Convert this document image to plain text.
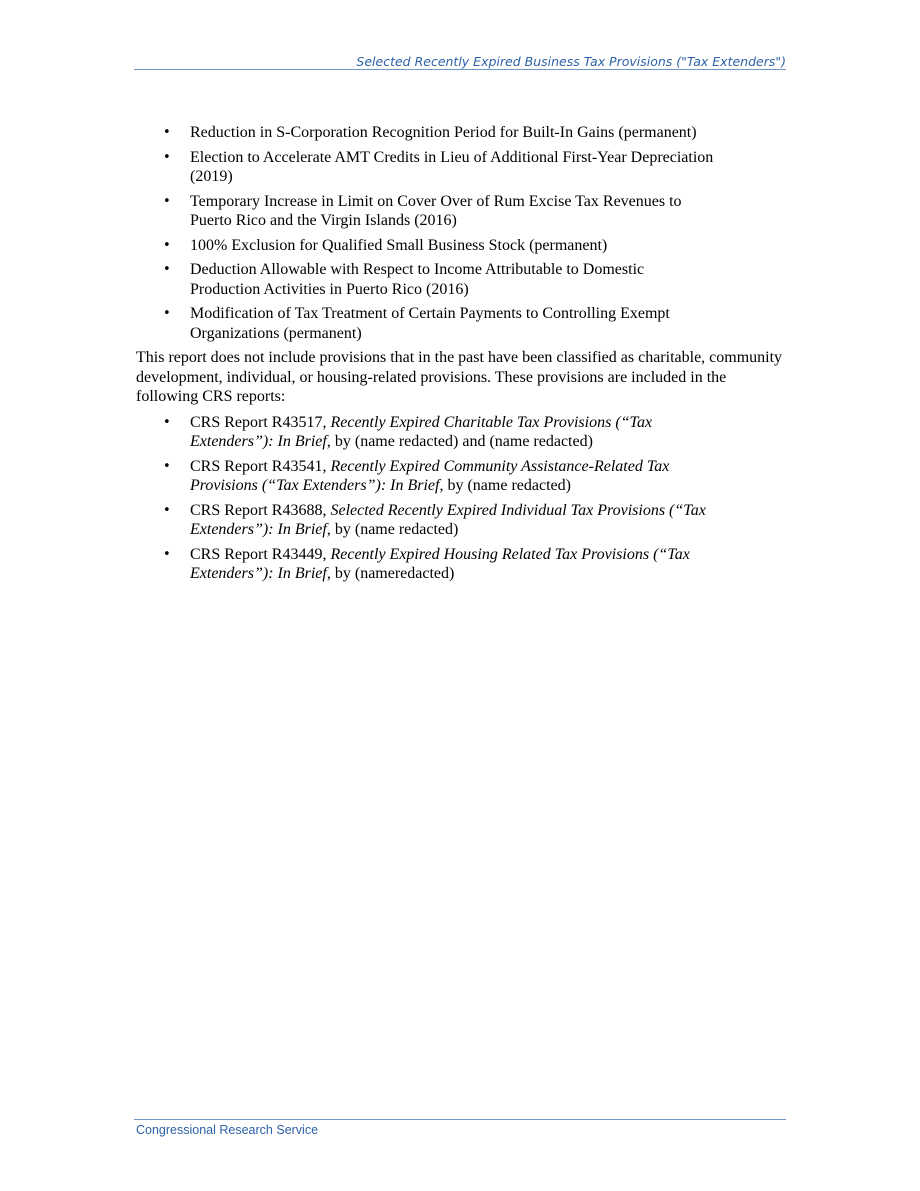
Selected Recently Expired Business Tax Provisions ("Tax Extenders")
• Reduction in S-Corporation Recognition Period for Built-In Gains (permanent)
• Election to Accelerate AMT Credits in Lieu of Additional First-Year Depreciation (2019)
• Temporary Increase in Limit on Cover Over of Rum Excise Tax Revenues to Puerto Rico and the Virgin Islands (2016)
• 100% Exclusion for Qualified Small Business Stock (permanent)
• Deduction Allowable with Respect to Income Attributable to Domestic Production Activities in Puerto Rico (2016)
• Modification of Tax Treatment of Certain Payments to Controlling Exempt Organizations (permanent)

This report does not include provisions that in the past have been classified as charitable, community development, individual, or housing-related provisions. These provisions are included in the following CRS reports:

• CRS Report R43517, Recently Expired Charitable Tax Provisions (“Tax Extenders”): In Brief, by (name redacted) and (name redacted)
• CRS Report R43541, Recently Expired Community Assistance-Related Tax Provisions (“Tax Extenders”): In Brief, by (name redacted)
• CRS Report R43688, Selected Recently Expired Individual Tax Provisions (“Tax Extenders”): In Brief, by (name redacted)
• CRS Report R43449, Recently Expired Housing Related Tax Provisions (“Tax Extenders”): In Brief, by (nameredacted)
Congressional Research Service
